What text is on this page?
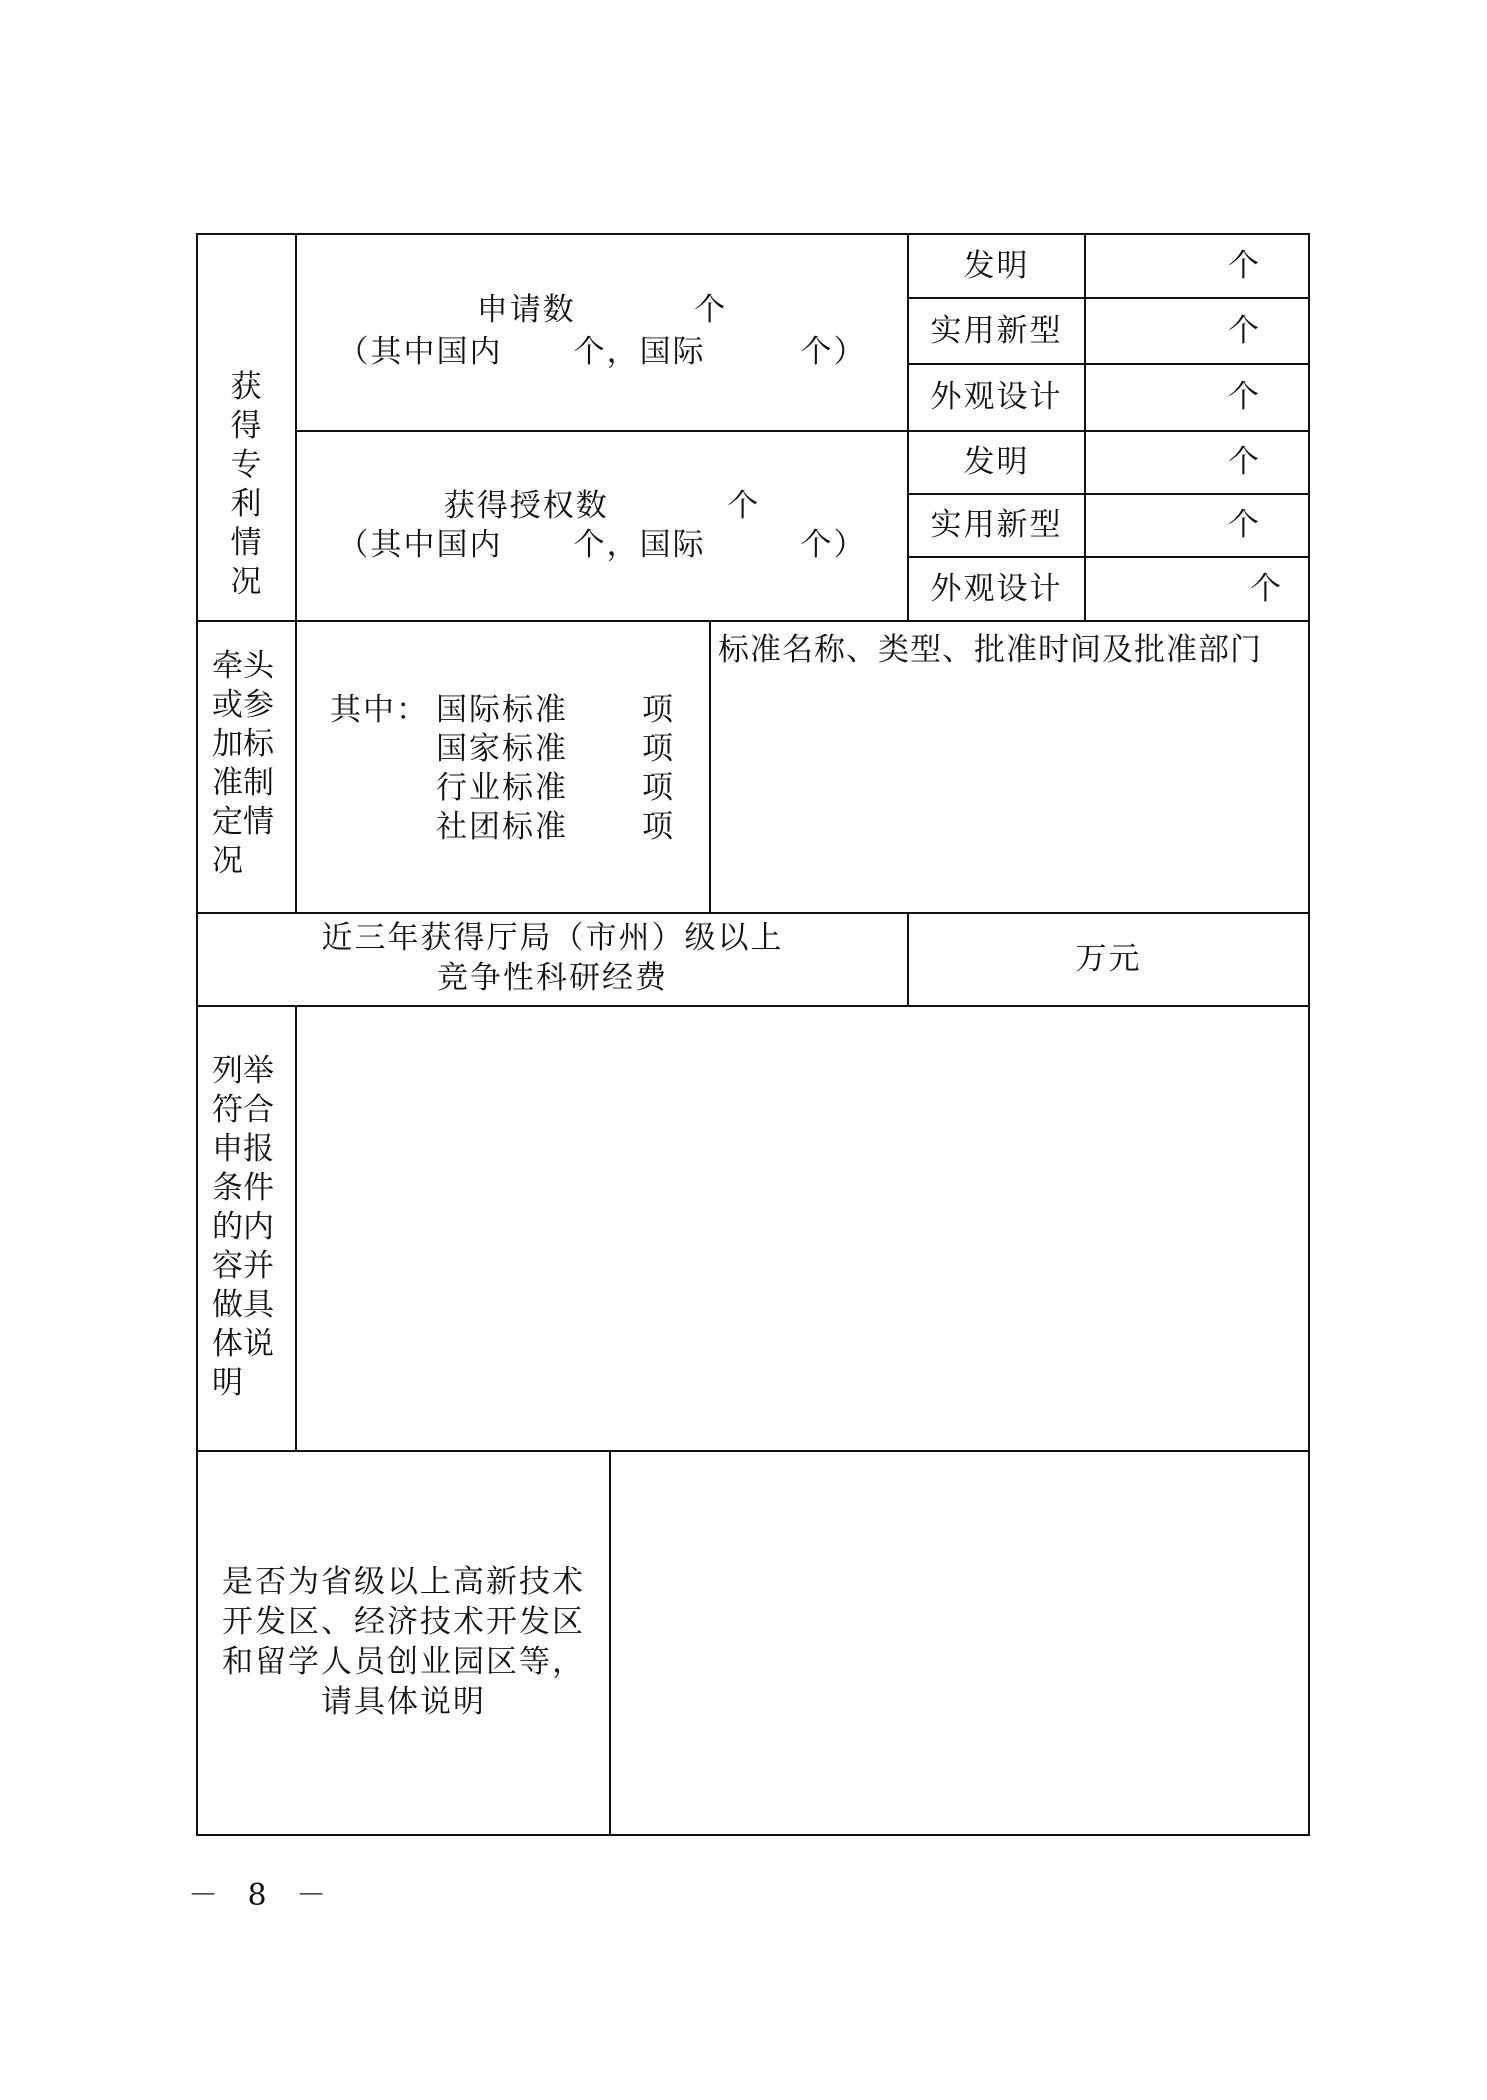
获得专利情况
申请数          个
（其中国内      个，国际        个）
获得授权数          个
（其中国内      个，国际        个）
发明
实用新型
外观设计
个
个
个
发明
实用新型
外观设计
个
个
个
牵头或参加标准制定情况
其中： 国际标准 项
国家标准 项
行业标准 项
社团标准 项
标准名称、类型、批准时间及批准部门
近三年获得厅局（市州）级以上
竞争性科研经费
万元
列举符合申报条件的内容并做具体说明
是否为省级以上高新技术
开发区、经济技术开发区
和留学人员创业园区等，
请具体说明
－ 8 －
